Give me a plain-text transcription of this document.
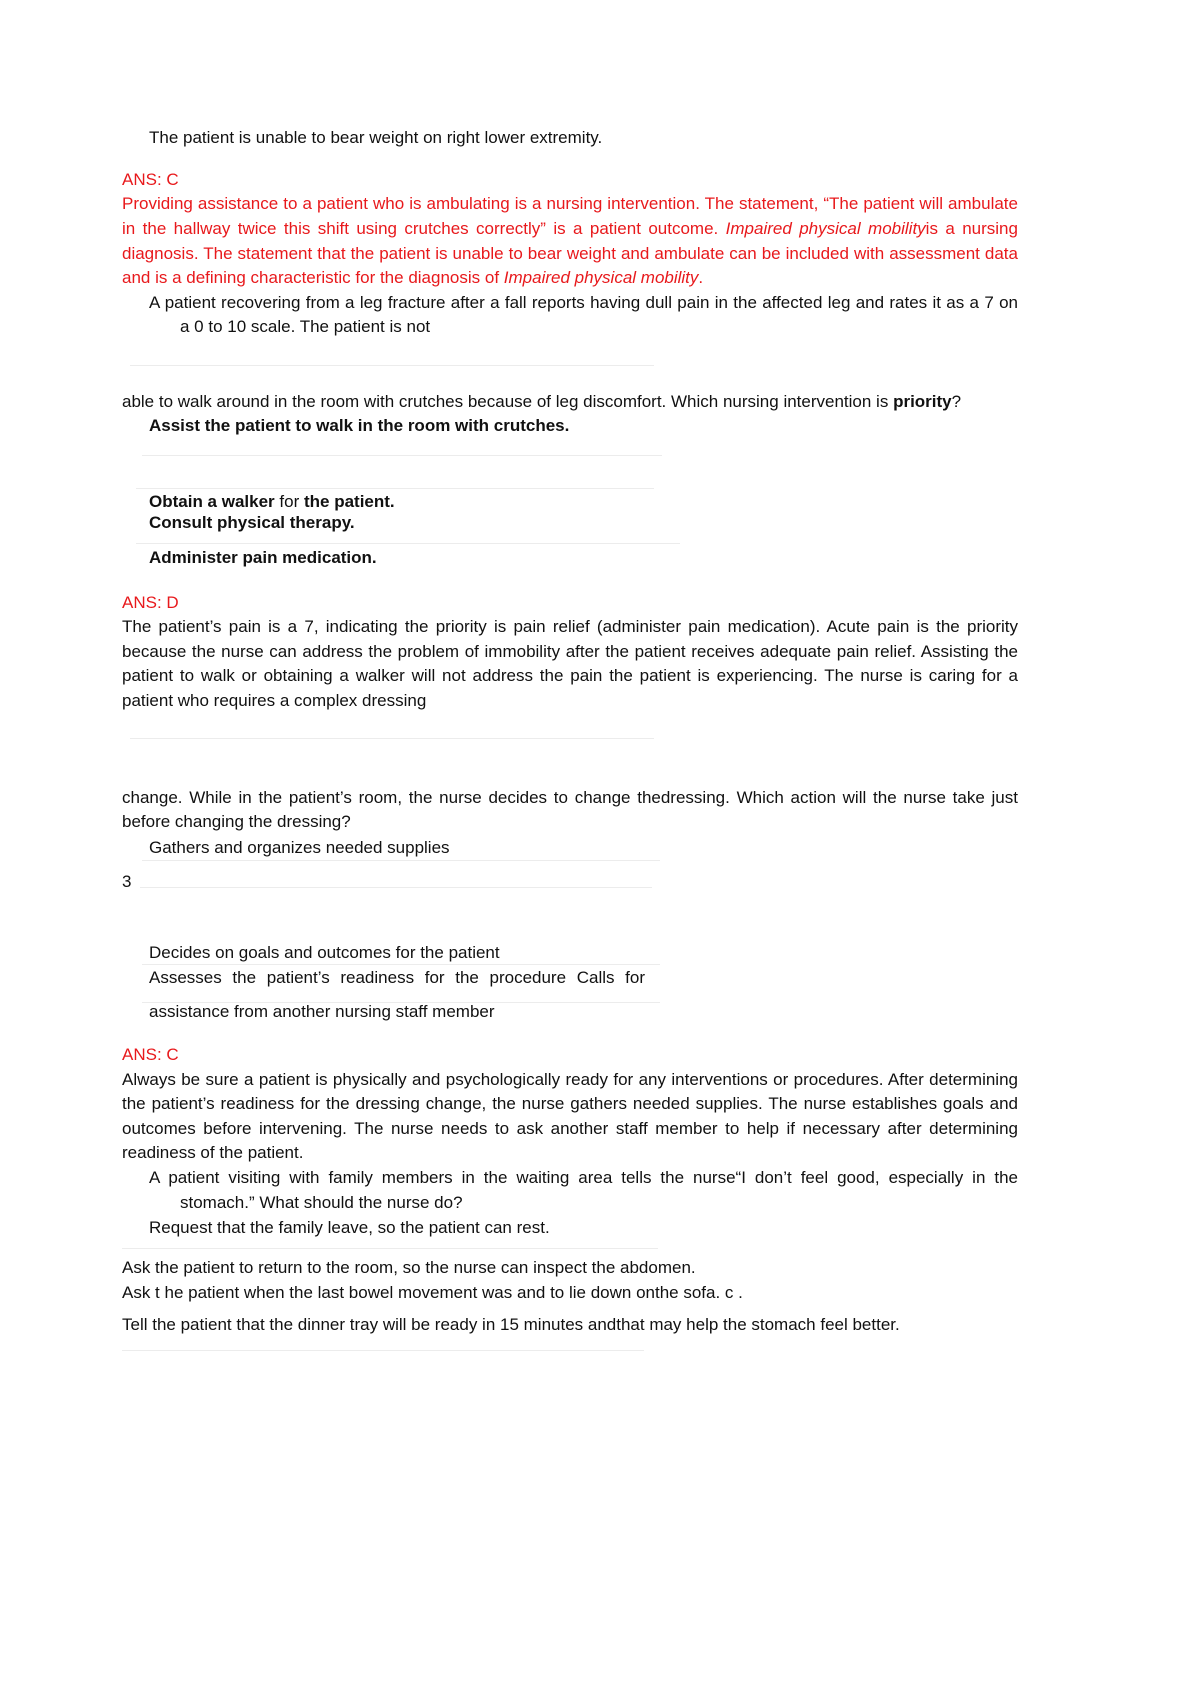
The patient is unable to bear weight on right lower extremity.
ANS: C
Providing assistance to a patient who is ambulating is a nursing intervention. The statement, “The patient will ambulate
in the hallway twice this shift using crutches correctly” is a patient outcome. Impaired physical mobilityis a nursing
diagnosis. The statement that the patient is unable to bear weight and ambulate can be included with assessment data
and is a defining characteristic for the diagnosis of Impaired physical mobility.
A patient recovering from a leg fracture after a fall reports having dull pain in the affected leg and rates it as a 7 on
a 0 to 10 scale. The patient is not
able to walk around in the room with crutches because of leg discomfort. Which nursing intervention is priority?
Assist the patient to walk in the room with crutches.
Obtain a walker for the patient.
Consult physical therapy.
Administer pain medication.
ANS: D
The patient’s pain is a 7, indicating the priority is pain relief (administer pain medication). Acute pain is the priority
because the nurse can address the problem of immobility after the patient receives adequate pain relief. Assisting the
patient to walk or obtaining a walker will not address the pain the patient is experiencing. The nurse is caring for a
patient who requires a complex dressing
change. While in the patient’s room, the nurse decides to change thedressing. Which action will the nurse take just
before changing the dressing?
Gathers and organizes needed supplies
3
Decides on goals and outcomes for the patient
Assesses the patient’s readiness for the procedure Calls for
assistance from another nursing staff member
ANS: C
Always be sure a patient is physically and psychologically ready for any interventions or procedures. After determining
the patient’s readiness for the dressing change, the nurse gathers needed supplies. The nurse establishes goals and
outcomes before intervening. The nurse needs to ask another staff member to help if necessary after determining
readiness of the patient.
A patient visiting with family members in the waiting area tells the nurse“I don’t feel good, especially in the
stomach.” What should the nurse do?
Request that the family leave, so the patient can rest.
Ask the patient to return to the room, so the nurse can inspect the abdomen.
Ask t he patient when the last bowel movement was and to lie down onthe sofa. c .
Tell the patient that the dinner tray will be ready in 15 minutes andthat may help the stomach feel better.
